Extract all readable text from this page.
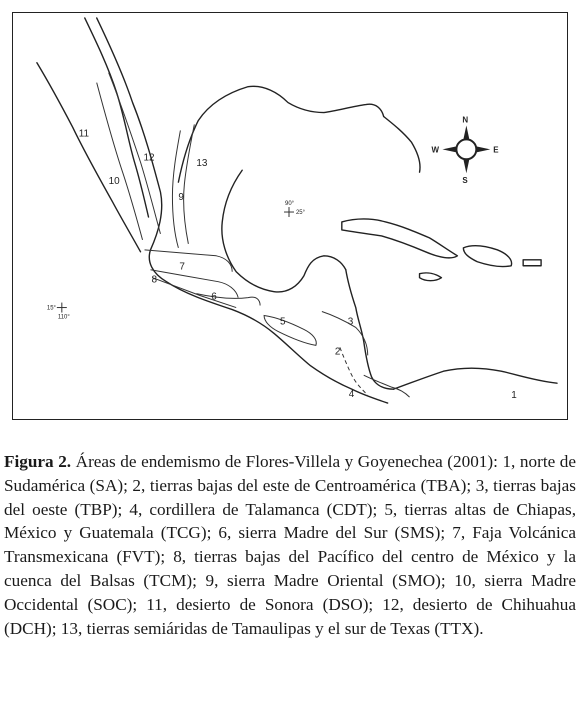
1
2
3
4
5
6
7
8
9
10
11
12
13
90°
25°
15°
110°
N
S
W	E

Figura 2. Áreas de endemismo de Flores-Villela y Goyenechea (2001): 1, norte de Sudamérica (SA); 2, tierras bajas del este de Centroamérica (TBA); 3, tierras bajas del oeste (TBP); 4, cordillera de Talamanca (CDT); 5, tierras altas de Chiapas, México y Guatemala (TCG); 6, sierra Madre del Sur (SMS); 7, Faja Volcánica Transmexicana (FVT); 8, tierras bajas del Pacífico del centro de México y la cuenca del Balsas (TCM); 9, sierra Madre Oriental (SMO); 10, sierra Madre Occidental (SOC); 11, desierto de Sonora (DSO); 12, desierto de Chihuahua (DCH); 13, tierras semiáridas de Tamaulipas y el sur de Texas (TTX).
